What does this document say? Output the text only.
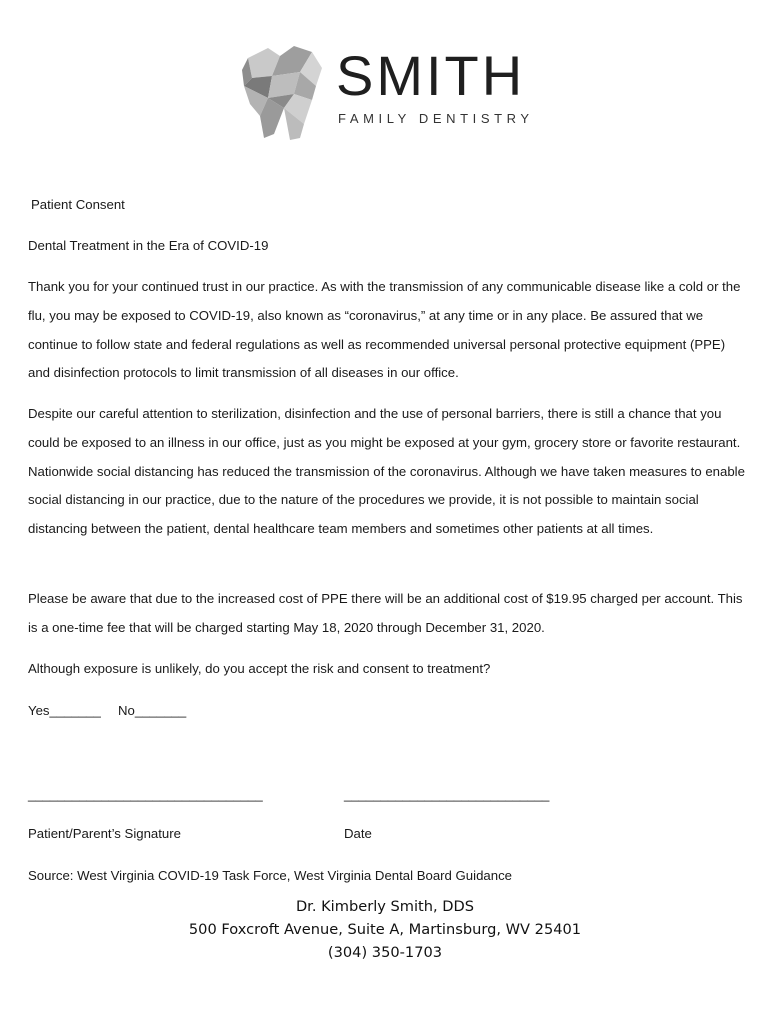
SMITH
FAMILY DENTISTRY
Patient Consent
Dental Treatment in the Era of COVID-19
Thank you for your continued trust in our practice. As with the transmission of any communicable disease like a cold or the flu, you may be exposed to COVID-19, also known as “coronavirus,” at any time or in any place. Be assured that we continue to follow state and federal regulations as well as recommended universal personal protective equipment (PPE) and disinfection protocols to limit transmission of all diseases in our office.
Despite our careful attention to sterilization, disinfection and the use of personal barriers, there is still a chance that you could be exposed to an illness in our office, just as you might be exposed at your gym, grocery store or favorite restaurant. Nationwide social distancing has reduced the transmission of the coronavirus. Although we have taken measures to enable social distancing in our practice, due to the nature of the procedures we provide, it is not possible to maintain social distancing between the patient, dental healthcare team members and sometimes other patients at all times.
Please be aware that due to the increased cost of PPE there will be an additional cost of $19.95 charged per account. This is a one-time fee that will be charged starting May 18, 2020 through December 31, 2020.
Although exposure is unlikely, do you accept the risk and consent to treatment?
Yes_______ No_______
________________________________	____________________________
Patient/Parent’s Signature	Date
Source: West Virginia COVID-19 Task Force, West Virginia Dental Board Guidance
Dr. Kimberly Smith, DDS
500 Foxcroft Avenue, Suite A, Martinsburg, WV 25401
(304) 350-1703
